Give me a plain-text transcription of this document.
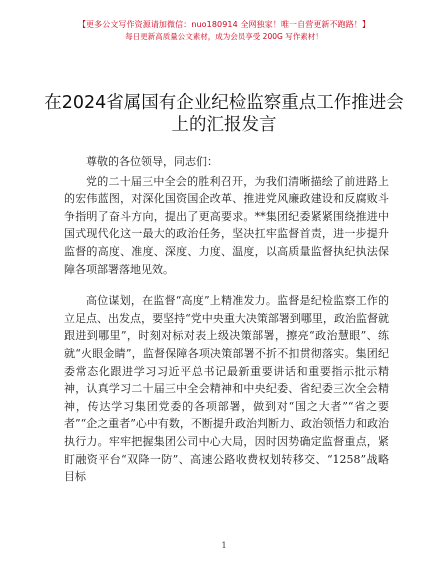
【更多公文写作资源请加微信：nuo180914 全网独家！唯一自营更新不跑路！】
每日更新高质量公文素材，成为会员享受 200G 写作素材！
在2024省属国有企业纪检监察重点工作推进会上的汇报发言

尊敬的各位领导，同志们：

党的二十届三中全会的胜利召开，为我们清晰描绘了前进路上的宏伟蓝图，对深化国资国企改革、推进党风廉政建设和反腐败斗争指明了奋斗方向，提出了更高要求。**集团纪委紧紧围绕推进中国式现代化这一最大的政治任务，坚决扛牢监督首责，进一步提升监督的高度、准度、深度、力度、温度，以高质量监督执纪执法保障各项部署落地见效。

高位谋划，在监督“高度”上精准发力。监督是纪检监察工作的立足点、出发点，要坚持“党中央重大决策部署到哪里，政治监督就跟进到哪里”，时刻对标对表上级决策部署，擦亮“政治慧眼”、练就“火眼金睛”，监督保障各项决策部署不折不扣贯彻落实。集团纪委常态化跟进学习习近平总书记最新重要讲话和重要指示批示精神，认真学习二十届三中全会精神和中央纪委、省纪委三次全会精神，传达学习集团党委的各项部署，做到对“国之大者”“省之要者”“企之重者”心中有数，不断提升政治判断力、政治领悟力和政治执行力。牢牢把握集团公司中心大局，因时因势确定监督重点，紧盯融资平台“双降一防”、高速公路收费权划转移交、“1258”战略目标

1
